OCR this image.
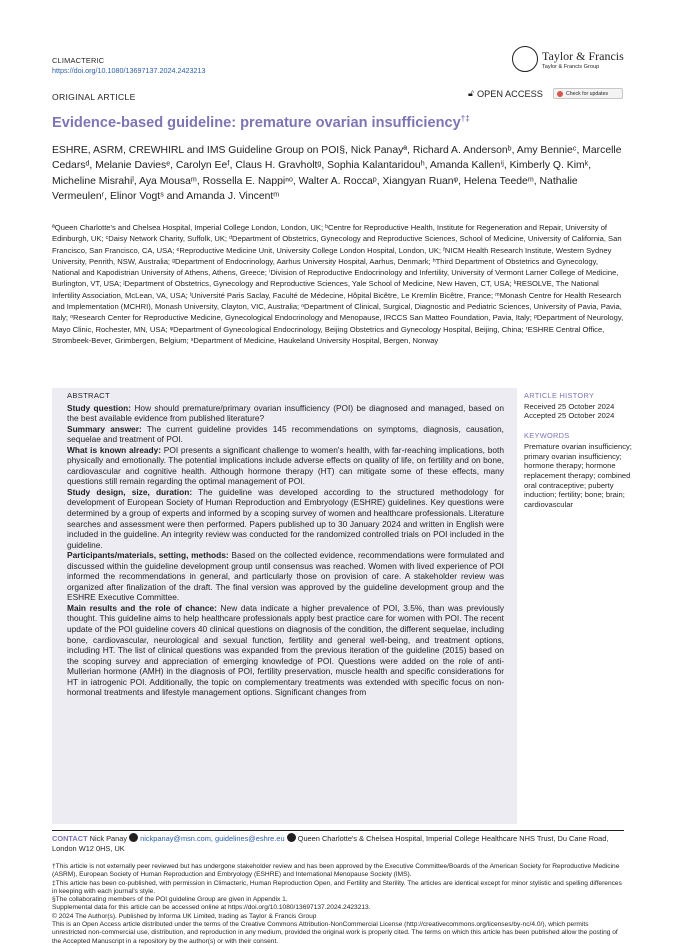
CLIMACTERIC
https://doi.org/10.1080/13697137.2024.2423213
Taylor & Francis
Taylor & Francis Group
ORIGINAL ARTICLE	🔓︎ OPEN ACCESS	Check for updates
Evidence-based guideline: premature ovarian insufficiency†‡
ESHRE, ASRM, CREWHIRL and IMS Guideline Group on POI§, Nick Panayª, Richard A. Andersonᵇ, Amy Bennieᶜ, Marcelle Cedarsᵈ, Melanie Daviesᵉ, Carolyn Eeᶠ, Claus H. Gravholtᵍ, Sophia Kalantaridouʰ, Amanda Kallenⁱʲ, Kimberly Q. Kimᵏ, Micheline Misrahiˡ, Aya Mousaᵐ, Rossella E. Nappiⁿᵒ, Walter A. Roccaᵖ, Xiangyan Ruanᵠ, Helena Teedeᵐ, Nathalie Vermeulenʳ, Elinor Vogtˢ and Amanda J. Vincentᵐ
ªQueen Charlotte's and Chelsea Hospital, Imperial College London, London, UK; ᵇCentre for Reproductive Health, Institute for Regeneration and Repair, University of Edinburgh, UK; ᶜDaisy Network Charity, Suffolk, UK; ᵈDepartment of Obstetrics, Gynecology and Reproductive Sciences, School of Medicine, University of California, San Francisco, San Francisco, CA, USA; ᵉReproductive Medicine Unit, University College London Hospital, London, UK; ᶠNICM Health Research Institute, Western Sydney University, Penrith, NSW, Australia; ᵍDepartment of Endocrinology, Aarhus University Hospital, Aarhus, Denmark; ʰThird Department of Obstetrics and Gynecology, National and Kapodistrian University of Athens, Athens, Greece; ⁱDivision of Reproductive Endocrinology and Infertility, University of Vermont Larner College of Medicine, Burlington, VT, USA; ʲDepartment of Obstetrics, Gynecology and Reproductive Sciences, Yale School of Medicine, New Haven, CT, USA; ᵏRESOLVE, The National Infertility Association, McLean, VA, USA; ˡUniversité Paris Saclay, Faculté de Médecine, Hôpital Bicêtre, Le Kremlin Bicêtre, France; ᵐMonash Centre for Health Research and Implementation (MCHRI), Monash University, Clayton, VIC, Australia; ⁿDepartment of Clinical, Surgical, Diagnostic and Pediatric Sciences, University of Pavia, Pavia, Italy; ᵒResearch Center for Reproductive Medicine, Gynecological Endocrinology and Menopause, IRCCS San Matteo Foundation, Pavia, Italy; ᵖDepartment of Neurology, Mayo Clinic, Rochester, MN, USA; ᵠDepartment of Gynecological Endocrinology, Beijing Obstetrics and Gynecology Hospital, Beijing, China; ʳESHRE Central Office, Strombeek-Bever, Grimbergen, Belgium; ˢDepartment of Medicine, Haukeland University Hospital, Bergen, Norway
ABSTRACT

Study question: How should premature/primary ovarian insufficiency (POI) be diagnosed and managed, based on the best available evidence from published literature?

Summary answer: The current guideline provides 145 recommendations on symptoms, diagnosis, causation, sequelae and treatment of POI.

What is known already: POI presents a significant challenge to women's health, with far-reaching implications, both physically and emotionally. The potential implications include adverse effects on quality of life, on fertility and on bone, cardiovascular and cognitive health. Although hormone therapy (HT) can mitigate some of these effects, many questions still remain regarding the optimal management of POI.

Study design, size, duration: The guideline was developed according to the structured methodology for development of European Society of Human Reproduction and Embryology (ESHRE) guidelines. Key questions were determined by a group of experts and informed by a scoping survey of women and healthcare professionals. Literature searches and assessment were then performed. Papers published up to 30 January 2024 and written in English were included in the guideline. An integrity review was conducted for the randomized controlled trials on POI included in the guideline.

Participants/materials, setting, methods: Based on the collected evidence, recommendations were formulated and discussed within the guideline development group until consensus was reached. Women with lived experience of POI informed the recommendations in general, and particularly those on provision of care. A stakeholder review was organized after finalization of the draft. The final version was approved by the guideline development group and the ESHRE Executive Committee.

Main results and the role of chance: New data indicate a higher prevalence of POI, 3.5%, than was previously thought. This guideline aims to help healthcare professionals apply best practice care for women with POI. The recent update of the POI guideline covers 40 clinical questions on diagnosis of the condition, the different sequelae, including bone, cardiovascular, neurological and sexual function, fertility and general well-being, and treatment options, including HT. The list of clinical questions was expanded from the previous iteration of the guideline (2015) based on the scoping survey and appreciation of emerging knowledge of POI. Questions were added on the role of anti-Mullerian hormone (AMH) in the diagnosis of POI, fertility preservation, muscle health and specific considerations for HT in iatrogenic POI. Additionally, the topic on complementary treatments was extended with specific focus on non-hormonal treatments and lifestyle management options. Significant changes from

ARTICLE HISTORY
Received 25 October 2024
Accepted 25 October 2024
KEYWORDS
Premature ovarian insufficiency; primary ovarian insufficiency; hormone therapy; hormone replacement therapy; combined oral contraceptive; puberty induction; fertility; bone; brain; cardiovascular
CONTACT Nick Panay nickpanay@msn.com, guidelines@eshre.eu Queen Charlotte's & Chelsea Hospital, Imperial College Healthcare NHS Trust, Du Cane Road, London W12 0HS, UK

†This article is not externally peer reviewed but has undergone stakeholder review and has been approved by the Executive Committee/Boards of the American Society for Reproductive Medicine (ASRM), European Society of Human Reproduction and Embryology (ESHRE) and International Menopause Society (IMS).

‡This article has been co-published, with permission in Climacteric, Human Reproduction Open, and Fertility and Sterility. The articles are identical except for minor stylistic and spelling differences in keeping with each journal's style.

§The collaborating members of the POI guideline Group are given in Appendix 1.

Supplemental data for this article can be accessed online at https://doi.org/10.1080/13697137.2024.2423213.

© 2024 The Author(s). Published by Informa UK Limited, trading as Taylor & Francis Group

This is an Open Access article distributed under the terms of the Creative Commons Attribution-NonCommercial License (http://creativecommons.org/licenses/by-nc/4.0/), which permits unrestricted non-commercial use, distribution, and reproduction in any medium, provided the original work is properly cited. The terms on which this article has been published allow the posting of the Accepted Manuscript in a repository by the author(s) or with their consent.
